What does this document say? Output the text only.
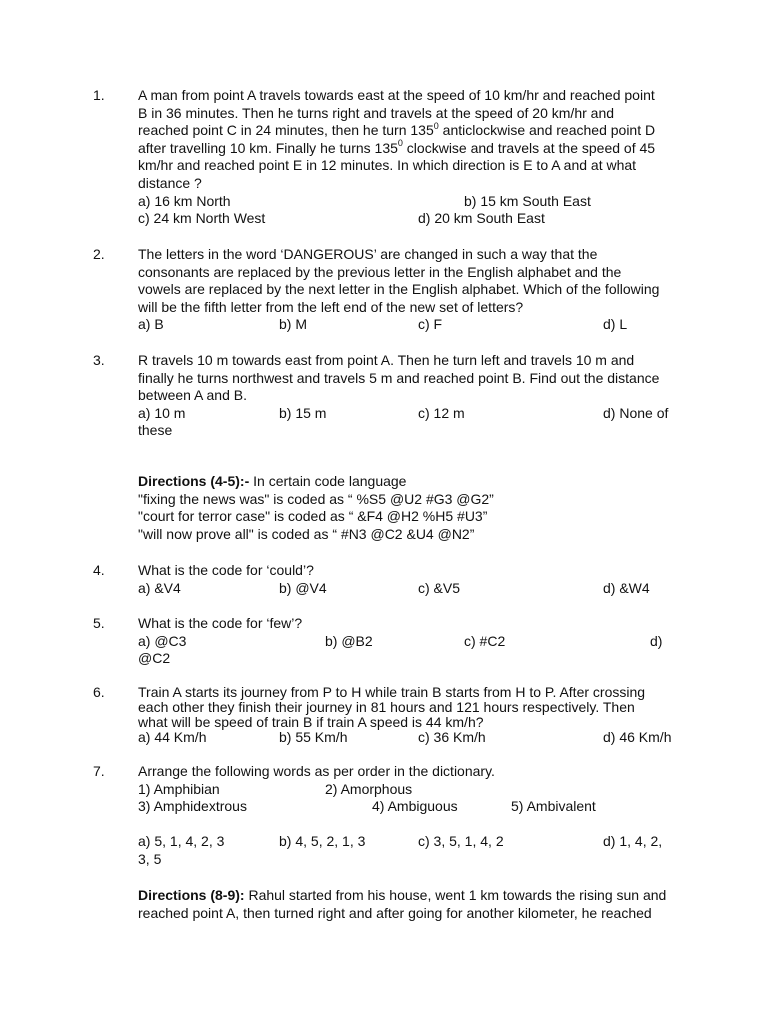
1. A man from point A travels towards east at the speed of 10 km/hr and reached point
B in 36 minutes. Then he turns right and travels at the speed of 20 km/hr and
reached point C in 24 minutes, then he turn $135^0$ anticlockwise and reached point D
after travelling 10 km. Finally he turns $135^0$ clockwise and travels at the speed of 45
km/hr and reached point E in 12 minutes. In which direction is E to A and at what
distance ?
a) 16 km North	b) 15 km South East
c) 24 km North West	d) 20 km South East
2. The letters in the word ‘DANGEROUS’ are changed in such a way that the
consonants are replaced by the previous letter in the English alphabet and the
vowels are replaced by the next letter in the English alphabet. Which of the following
will be the fifth letter from the left end of the new set of letters?
a) B	b) M	c) F	d) L
3. R travels 10 m towards east from point A. Then he turn left and travels 10 m and
finally he turns northwest and travels 5 m and reached point B. Find out the distance
between A and B.
a) 10 m	b) 15 m	c) 12 m	d) None of
these
Directions (4-5):- In certain code language
"fixing the news was" is coded as “ %S5 @U2 #G3 @G2”
"court for terror case" is coded as “ &F4 @H2 %H5 #U3”
"will now prove all" is coded as “ #N3 @C2 &U4 @N2”
4. What is the code for ‘could’?
a) &V4	b) @V4	c) &V5	d) &W4
5. What is the code for ‘few’?
a) @C3	b) @B2	c) #C2	d)
@C2
6. Train A starts its journey from P to H while train B starts from H to P. After crossing
each other they finish their journey in 81 hours and 121 hours respectively. Then
what will be speed of train B if train A speed is 44 km/h?
a) 44 Km/h	b) 55 Km/h	c) 36 Km/h	d) 46 Km/h
7. Arrange the following words as per order in the dictionary.
1) Amphibian	2) Amorphous
3) Amphidextrous	4) Ambiguous	5) Ambivalent
a) 5, 1, 4, 2, 3	b) 4, 5, 2, 1, 3	c) 3, 5, 1, 4, 2	d) 1, 4, 2,
3, 5
Directions (8-9): Rahul started from his house, went 1 km towards the rising sun and
reached point A, then turned right and after going for another kilometer, he reached
